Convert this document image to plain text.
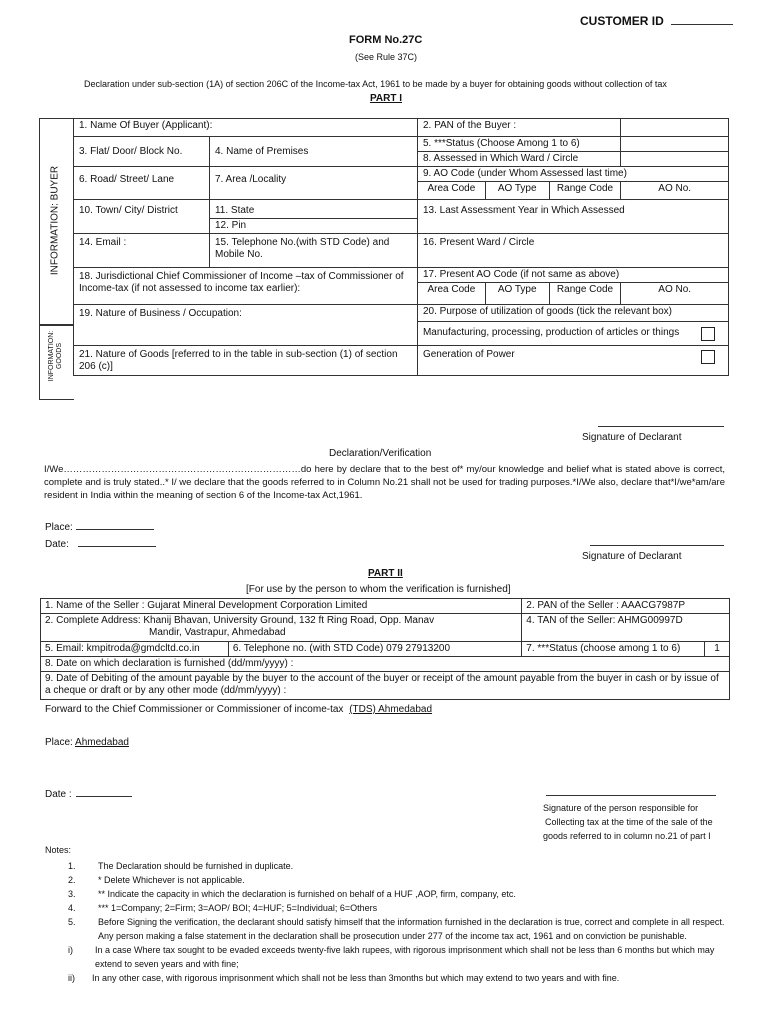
CUSTOMER ID
FORM No.27C
(See Rule 37C)
Declaration under sub-section (1A) of section 206C of the Income-tax Act, 1961 to be made by a buyer for obtaining goods without collection of tax
PART I
INFORMATION: BUYER
INFORMATION:
GOODS
1. Name Of Buyer (Applicant):		2. PAN of the Buyer :			

3. Flat/ Door/ Block No.	4. Name of Premises	5. ***Status (Choose Among 1 to 6)			
		8. Assessed in Which Ward / Circle			

6. Road/ Street/ Lane	7. Area /Locality	9. AO Code (under Whom Assessed last time)			
		Area Code	AO Type	Range Code	AO No.

10. Town/ City/ District	11. State	13. Last Assessment Year in Which Assessed			

	12. Pin				

14. Email :	15. Telephone No.(with STD Code) and Mobile No.	16. Present Ward / Circle			

18. Jurisdictional Chief Commissioner of Income –tax of Commissioner of Income-tax (if not assessed to income tax earlier):		17. Present AO Code (if not same as above)			
		Area Code	AO Type	Range Code	AO No.

19. Nature of Business / Occupation:		20. Purpose of utilization of goods (tick the relevant box)			
		Manufacturing, processing, production of articles or things			

21. Nature of Goods [referred to in the table in sub-section (1) of section 206 (c)]		Generation of Power			
Signature of Declarant
Declaration/Verification
I/We…………………………………………………………………do here by declare that to the best of* my/our knowledge and belief what is stated above is correct, complete and is truly stated..* I/ we declare that the goods referred to in Column No.21 shall not be used for trading purposes.*I/We also, declare that*I/we*am/are resident in India within the meaning of section 6 of the Income-tax Act,1961.
Place:
Date:
Signature of Declarant
PART II
[For use by the person to whom the verification is furnished]
1. Name of the Seller : Gujarat Mineral Development Corporation Limited		2. PAN of the Seller : AAACG7987P	

2. Complete Address: Khanij Bhavan, University Ground, 132 ft Ring Road, Opp. Manav
Mandir, Vastrapur, Ahmedabad		4. TAN of the Seller: AHMG00997D	
5. Email: kmpitroda@gmdcltd.co.in	6. Telephone no. (with STD Code) 079 27913200	7. ***Status (choose among 1 to 6)	1
8. Date on which declaration is furnished (dd/mm/yyyy) :			
9. Date of Debiting of the amount payable by the buyer to the account of the buyer or receipt of the amount payable from the buyer in cash or by issue of a cheque or draft or by any other mode (dd/mm/yyyy) :			
Forward to the Chief Commissioner or Commissioner of income-tax (TDS) Ahmedabad
Place: Ahmedabad
Date :
Signature of the person responsible for
Collecting tax at the time of the sale of the
goods referred to in column no.21 of part I
Notes:
1.	The Declaration should be furnished in duplicate.
2.	* Delete Whichever is not applicable.
3.	** Indicate the capacity in which the declaration is furnished on behalf of a HUF ,AOP, firm, company, etc.
4.	*** 1=Company; 2=Firm; 3=AOP/ BOI; 4=HUF; 5=Individual; 6=Others
5.	Before Signing the verification, the declarant should satisfy himself that the information furnished in the declaration is true, correct and complete in all respect. Any person making a false statement in the declaration shall be prosecution under 277 of the income tax act, 1961 and on conviction be punishable.
i)	In a case Where tax sought to be evaded exceeds twenty-five lakh rupees, with rigorous imprisonment which shall not be less than 6 months but which may extend to seven years and with fine;
ii)	In any other case, with rigorous imprisonment which shall not be less than 3months but which may extend to two years and with fine.
